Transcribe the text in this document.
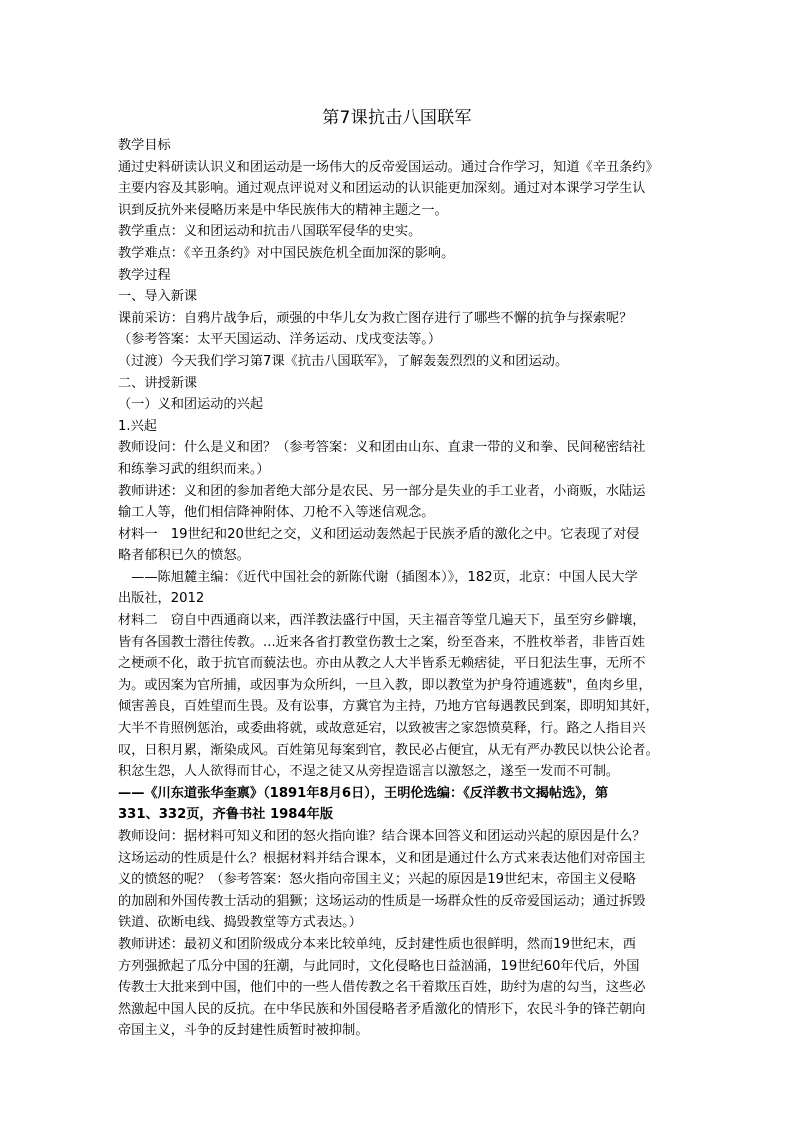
第7课抗击八国联军
教学目标
通过史料研读认识义和团运动是一场伟大的反帝爱国运动。通过合作学习，知道《辛丑条约》
主要内容及其影响。通过观点评说对义和团运动的认识能更加深刻。通过对本课学习学生认
识到反抗外来侵略历来是中华民族伟大的精神主题之一。
教学重点：义和团运动和抗击八国联军侵华的史实。
教学难点：《辛丑条约》对中国民族危机全面加深的影响。
教学过程
一、导入新课
课前采访：自鸦片战争后，顽强的中华儿女为救亡图存进行了哪些不懈的抗争与探索呢？
（参考答案：太平天国运动、洋务运动、戊戌变法等。）
（过渡）今天我们学习第7课《抗击八国联军》，了解轰轰烈烈的义和团运动。
二、讲授新课
（一）义和团运动的兴起
1.兴起
教师设问：什么是义和团？（参考答案：义和团由山东、直隶一带的义和拳、民间秘密结社
和练拳习武的组织而来。）
教师讲述：义和团的参加者绝大部分是农民、另一部分是失业的手工业者，小商贩，水陆运
输工人等，他们相信降神附体、刀枪不入等迷信观念。
材料一　19世纪和20世纪之交，义和团运动轰然起于民族矛盾的激化之中。它表现了对侵
略者郁积已久的愤怒。
　——陈旭麓主编：《近代中国社会的新陈代谢（插图本）》，182页，北京：中国人民大学
出版社，2012
材料二　窃自中西通商以来，西洋教法盛行中国，天主福音等堂几遍天下，虽至穷乡僻壤，
皆有各国教士潜往传教。...近来各省打教堂伤教士之案，纷至沓来，不胜枚举者，非皆百姓
之梗顽不化，敢于抗官而藐法也。亦由从教之人大半皆系无赖痞徒，平日犯法生事，无所不
为。或因案为官所捕，或因事为众所纠，一旦入教，即以教堂为护身符逋逃薮"，鱼肉乡里，
倾害善良，百姓望而生畏。及有讼事，方冀官为主持，乃地方官每遇教民到案，即明知其奸，
大半不肯照例惩治，或委曲将就，或故意延宕，以致被害之家怨愤莫释，行。路之人指目兴
叹，日积月累，渐染成风。百姓第见每案到官，教民必占便宜，从无有严办教民以快公论者。
积忿生怨，人人欲得而甘心，不逞之徒又从旁捏造谣言以激怒之，遂至一发而不可制。
——《川东道张华奎禀》（1891年8月6日），王明伦选编：《反洋教书文揭帖选》，第
331、332页，齐鲁书社 1984年版
教师设问：据材料可知义和团的怒火指向谁？结合课本回答义和团运动兴起的原因是什么？
这场运动的性质是什么？根据材料并结合课本，义和团是通过什么方式来表达他们对帝国主
义的愤怒的呢？（参考答案：怒火指向帝国主义；兴起的原因是19世纪末，帝国主义侵略
的加剧和外国传教士活动的猖獗；这场运动的性质是一场群众性的反帝爱国运动；通过拆毁
铁道、砍断电线、捣毁教堂等方式表达。）
教师讲述：最初义和团阶级成分本来比较单纯，反封建性质也很鲜明，然而19世纪末，西
方列强掀起了瓜分中国的狂潮，与此同时，文化侵略也日益汹涌，19世纪60年代后，外国
传教士大批来到中国，他们中的一些人借传教之名干着欺压百姓，助纣为虐的勾当，这些必
然激起中国人民的反抗。在中华民族和外国侵略者矛盾激化的情形下，农民斗争的锋芒朝向
帝国主义，斗争的反封建性质暂时被抑制。
